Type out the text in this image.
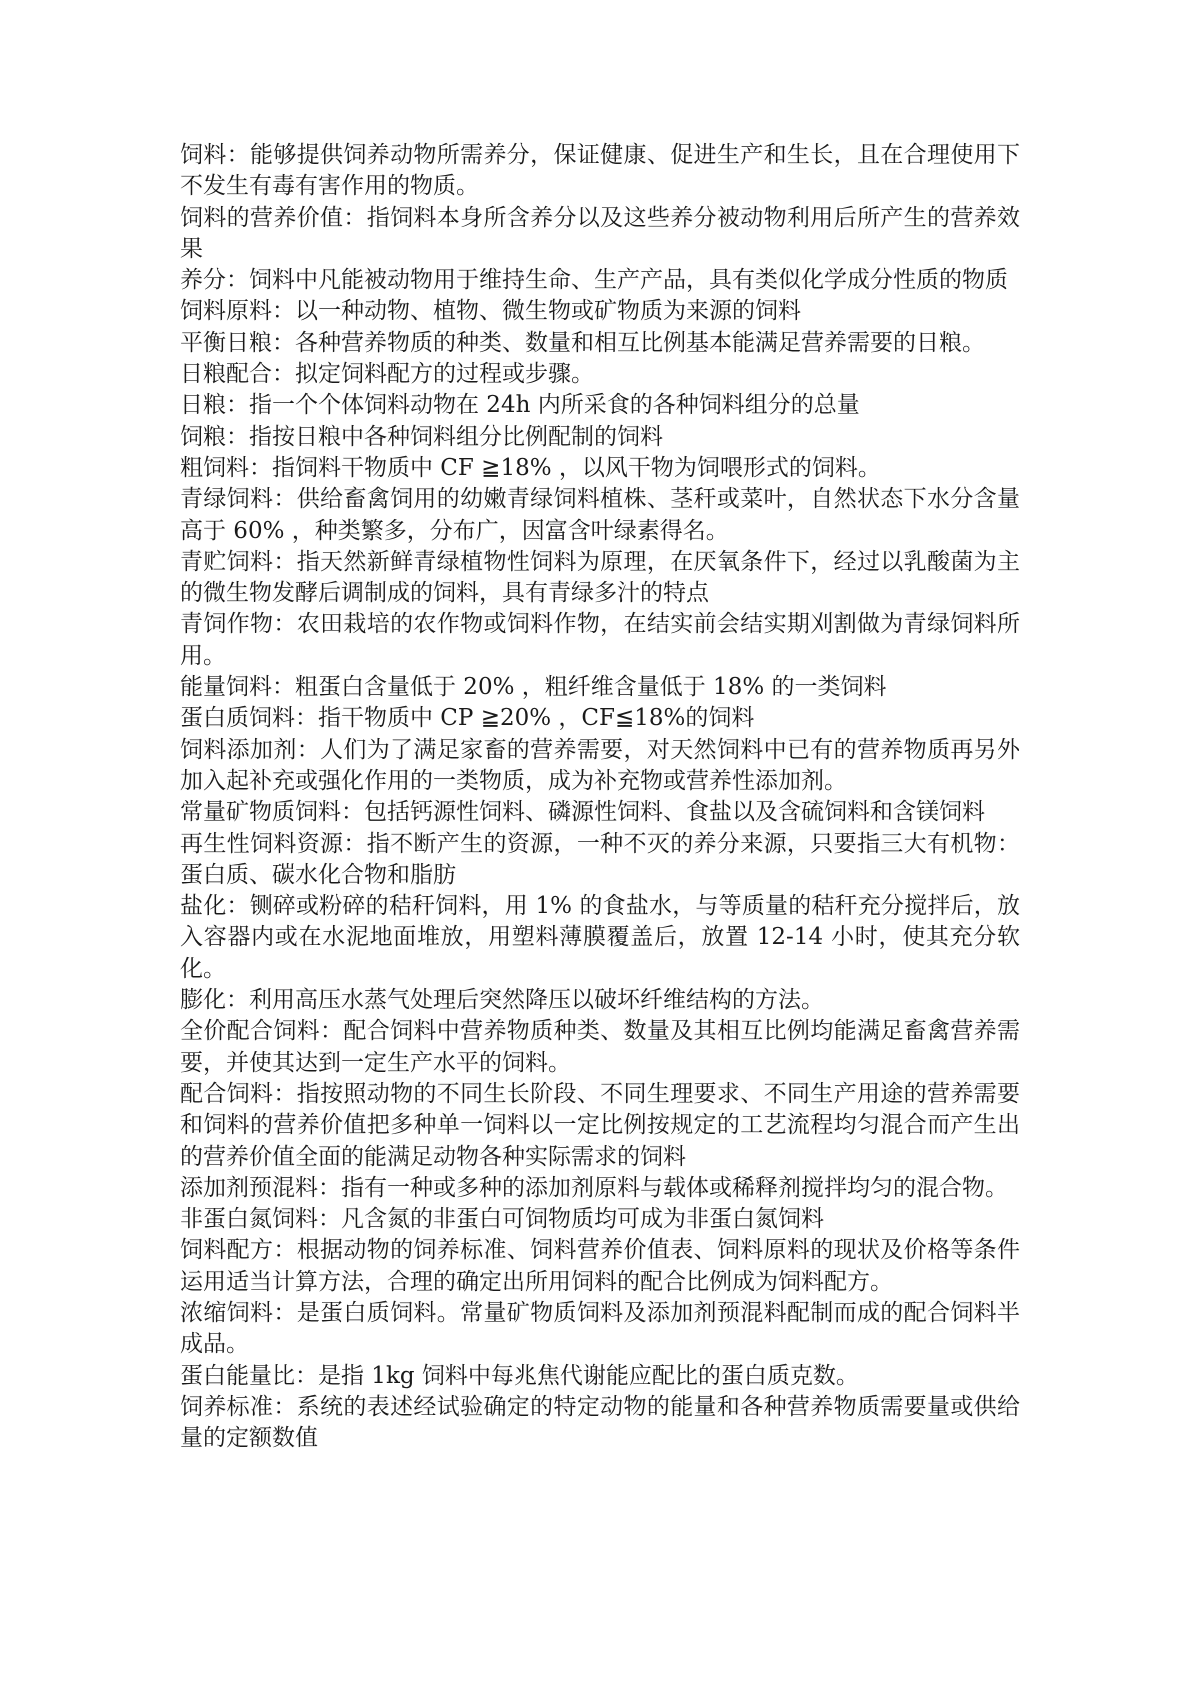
饲料：能够提供饲养动物所需养分，保证健康、促进生产和生长，且在合理使用下不发生有毒有害作用的物质。

饲料的营养价值：指饲料本身所含养分以及这些养分被动物利用后所产生的营养效果

养分：饲料中凡能被动物用于维持生命、生产产品，具有类似化学成分性质的物质

饲料原料：以一种动物、植物、微生物或矿物质为来源的饲料

平衡日粮：各种营养物质的种类、数量和相互比例基本能满足营养需要的日粮。

日粮配合：拟定饲料配方的过程或步骤。

日粮：指一个个体饲料动物在 24h 内所采食的各种饲料组分的总量

饲粮：指按日粮中各种饲料组分比例配制的饲料

粗饲料：指饲料干物质中 CF ≧18% ，以风干物为饲喂形式的饲料。

青绿饲料：供给畜禽饲用的幼嫩青绿饲料植株、茎秆或菜叶，自然状态下水分含量高于 60% ，种类繁多，分布广，因富含叶绿素得名。

青贮饲料：指天然新鲜青绿植物性饲料为原理，在厌氧条件下，经过以乳酸菌为主的微生物发酵后调制成的饲料，具有青绿多汁的特点

青饲作物：农田栽培的农作物或饲料作物，在结实前会结实期刈割做为青绿饲料所用。

能量饲料：粗蛋白含量低于 20% ，粗纤维含量低于 18% 的一类饲料

蛋白质饲料：指干物质中 CP ≧20% ，CF≦18%的饲料

饲料添加剂：人们为了满足家畜的营养需要，对天然饲料中已有的营养物质再另外加入起补充或强化作用的一类物质，成为补充物或营养性添加剂。

常量矿物质饲料：包括钙源性饲料、磷源性饲料、食盐以及含硫饲料和含镁饲料

再生性饲料资源：指不断产生的资源，一种不灭的养分来源，只要指三大有机物：蛋白质、碳水化合物和脂肪

盐化：铡碎或粉碎的秸秆饲料，用 1% 的食盐水，与等质量的秸秆充分搅拌后，放入容器内或在水泥地面堆放，用塑料薄膜覆盖后，放置 12-14 小时，使其充分软化。

膨化：利用高压水蒸气处理后突然降压以破坏纤维结构的方法。

全价配合饲料：配合饲料中营养物质种类、数量及其相互比例均能满足畜禽营养需要，并使其达到一定生产水平的饲料。

配合饲料：指按照动物的不同生长阶段、不同生理要求、不同生产用途的营养需要和饲料的营养价值把多种单一饲料以一定比例按规定的工艺流程均匀混合而产生出的营养价值全面的能满足动物各种实际需求的饲料

添加剂预混料：指有一种或多种的添加剂原料与载体或稀释剂搅拌均匀的混合物。

非蛋白氮饲料：凡含氮的非蛋白可饲物质均可成为非蛋白氮饲料

饲料配方：根据动物的饲养标准、饲料营养价值表、饲料原料的现状及价格等条件运用适当计算方法，合理的确定出所用饲料的配合比例成为饲料配方。

浓缩饲料：是蛋白质饲料。常量矿物质饲料及添加剂预混料配制而成的配合饲料半成品。

蛋白能量比：是指 1kg 饲料中每兆焦代谢能应配比的蛋白质克数。

饲养标准：系统的表述经试验确定的特定动物的能量和各种营养物质需要量或供给量的定额数值
